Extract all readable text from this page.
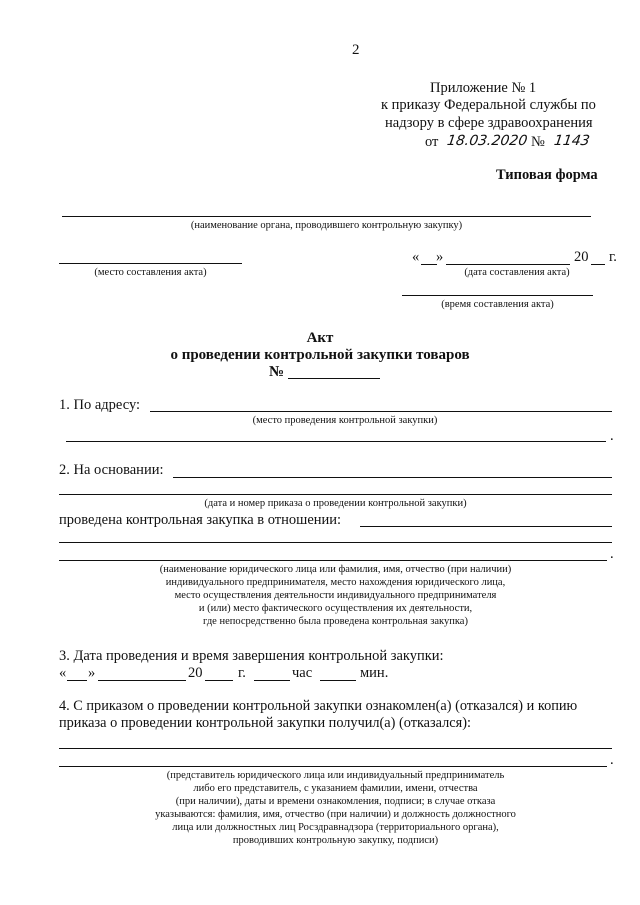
2
Приложение № 1
к приказу Федеральной службы по
надзору в сфере здравоохранения
от 18.03.2020 № 1143
Типовая форма
(наименование органа, проводившего контрольную закупку)
(место составления акта)
« »	20 г.
(дата составления акта)
(время составления акта)
Акт
о проведении контрольной закупки товаров
№
1. По адресу:
(место проведения контрольной закупки)
.
2. На основании:
(дата и номер приказа о проведении контрольной закупки)
проведена контрольная закупка в отношении:
.
(наименование юридического лица или фамилия, имя, отчество (при наличии)
индивидуального предпринимателя, место нахождения юридического лица,
место осуществления деятельности индивидуального предпринимателя
и (или) место фактического осуществления их деятельности,
где непосредственно была проведена контрольная закупка)
3. Дата проведения и время завершения контрольной закупки:
« »	20 г.	час	мин.
4. С приказом о проведении контрольной закупки ознакомлен(а) (отказался) и копию
приказа о проведении контрольной закупки получил(а) (отказался):
.
(представитель юридического лица или индивидуальный предприниматель
либо его представитель, с указанием фамилии, имени, отчества
(при наличии), даты и времени ознакомления, подписи; в случае отказа
указываются: фамилия, имя, отчество (при наличии) и должность должностного
лица или должностных лиц Росздравнадзора (территориального органа),
проводивших контрольную закупку, подписи)
